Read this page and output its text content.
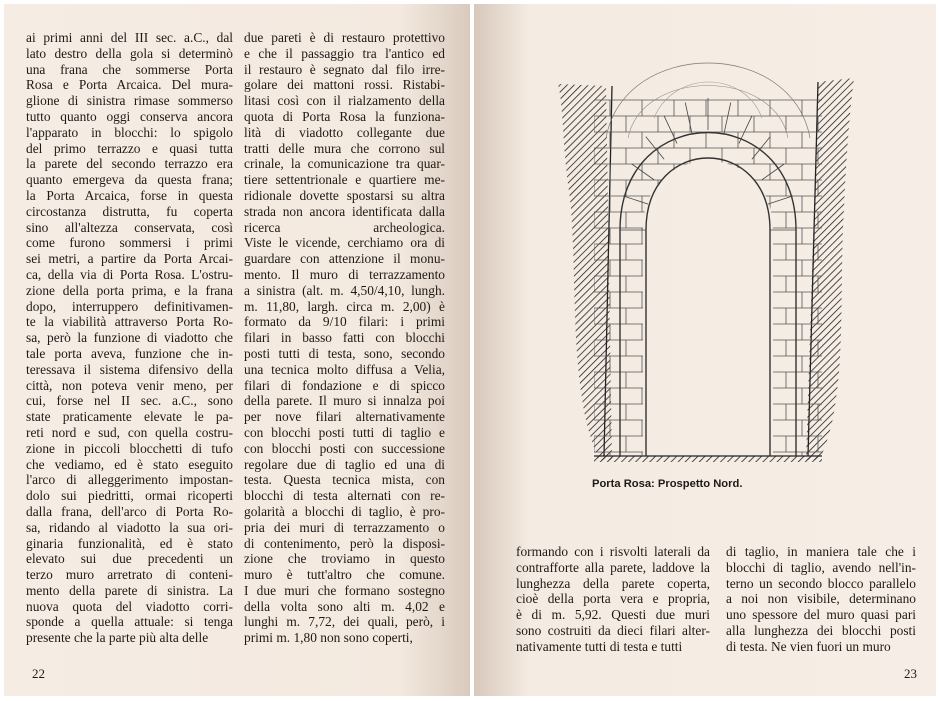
ai primi anni del III sec. a.C., dal

lato destro della gola si determinò

una frana che sommerse Porta

Rosa e Porta Arcaica. Del mura-

glione di sinistra rimase sommerso

tutto quanto oggi conserva ancora

l'apparato in blocchi: lo spigolo

del primo terrazzo e quasi tutta

la parete del secondo terrazzo era

quanto emergeva da questa frana;

la Porta Arcaica, forse in questa

circostanza distrutta, fu coperta

sino all'altezza conservata, così

come furono sommersi i primi

sei metri, a partire da Porta Arcai-

ca, della via di Porta Rosa. L'ostru-

zione della porta prima, e la frana

dopo, interruppero definitivamen-

te la viabilità attraverso Porta Ro-

sa, però la funzione di viadotto che

tale porta aveva, funzione che in-

teressava il sistema difensivo della

città, non poteva venir meno, per

cui, forse nel II sec. a.C., sono

state praticamente elevate le pa-

reti nord e sud, con quella costru-

zione in piccoli blocchetti di tufo

che vediamo, ed è stato eseguito

l'arco di alleggerimento impostan-

dolo sui piedritti, ormai ricoperti

dalla frana, dell'arco di Porta Ro-

sa, ridando al viadotto la sua ori-

ginaria funzionalità, ed è stato

elevato sui due precedenti un

terzo muro arretrato di conteni-

mento della parete di sinistra. La

nuova quota del viadotto corri-

sponde a quella attuale: si tenga

presente che la parte più alta delle

due pareti è di restauro protettivo

e che il passaggio tra l'antico ed

il restauro è segnato dal filo irre-

golare dei mattoni rossi. Ristabi-

litasi così con il rialzamento della

quota di Porta Rosa la funziona-

lità di viadotto collegante due

tratti delle mura che corrono sul

crinale, la comunicazione tra quar-

tiere settentrionale e quartiere me-

ridionale dovette spostarsi su altra

strada non ancora identificata dalla

ricerca archeologica.

Viste le vicende, cerchiamo ora di

guardare con attenzione il monu-

mento. Il muro di terrazzamento

a sinistra (alt. m. 4,50/4,10, lungh.

m. 11,80, largh. circa m. 2,00) è

formato da 9/10 filari: i primi

filari in basso fatti con blocchi

posti tutti di testa, sono, secondo

una tecnica molto diffusa a Velia,

filari di fondazione e di spicco

della parete. Il muro si innalza poi

per nove filari alternativamente

con blocchi posti tutti di taglio e

con blocchi posti con successione

regolare due di taglio ed una di

testa. Questa tecnica mista, con

blocchi di testa alternati con re-

golarità a blocchi di taglio, è pro-

pria dei muri di terrazzamento o

di contenimento, però la disposi-

zione che troviamo in questo

muro è tutt'altro che comune.

I due muri che formano sostegno

della volta sono alti m. 4,02 e

lunghi m. 7,72, dei quali, però, i

primi m. 1,80 non sono coperti,

22
Porta Rosa: Prospetto Nord.

formando con i risvolti laterali da

contrafforte alla parete, laddove la

lunghezza della parete coperta,

cioè della porta vera e propria,

è di m. 5,92. Questi due muri

sono costruiti da dieci filari alter-

nativamente tutti di testa e tutti

di taglio, in maniera tale che i

blocchi di taglio, avendo nell'in-

terno un secondo blocco parallelo

a noi non visibile, determinano

uno spessore del muro quasi pari

alla lunghezza dei blocchi posti

di testa. Ne vien fuori un muro

23
